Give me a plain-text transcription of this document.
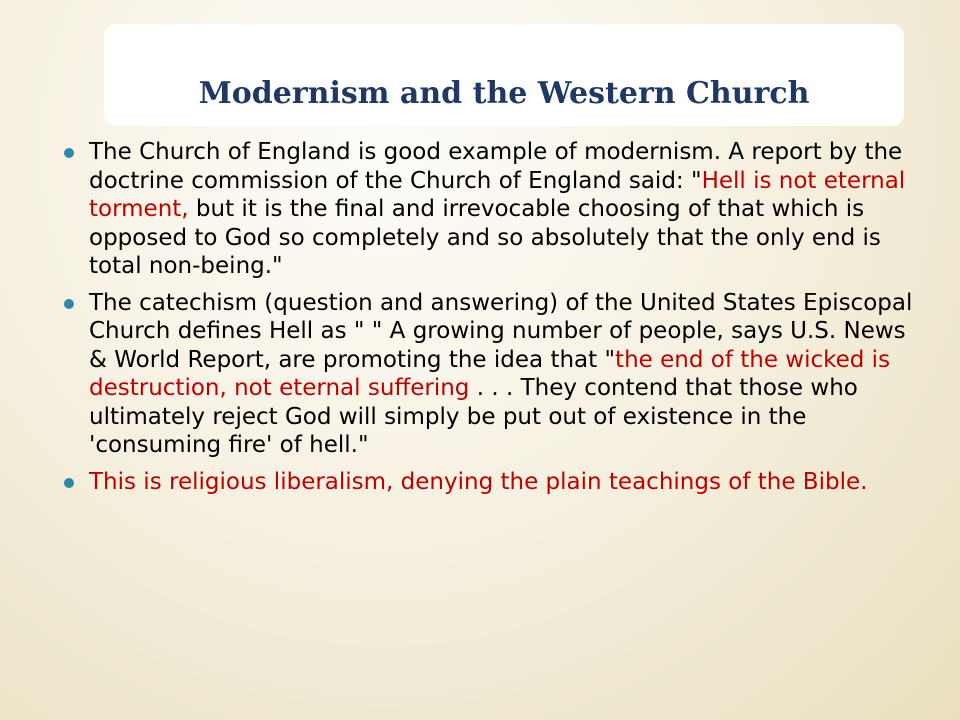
Modernism and the Western Church
The Church of England is good example of modernism. A report by the doctrine commission of the Church of England said: "Hell is not eternal torment, but it is the final and irrevocable choosing of that which is opposed to God so completely and so absolutely that the only end is total non-being."
The catechism (question and answering) of the United States Episcopal Church defines Hell as " " A growing number of people, says U.S. News & World Report, are promoting the idea that "the end of the wicked is destruction, not eternal suffering . . . They contend that those who ultimately reject God will simply be put out of existence in the 'consuming fire' of hell."
This is religious liberalism, denying the plain teachings of the Bible.
